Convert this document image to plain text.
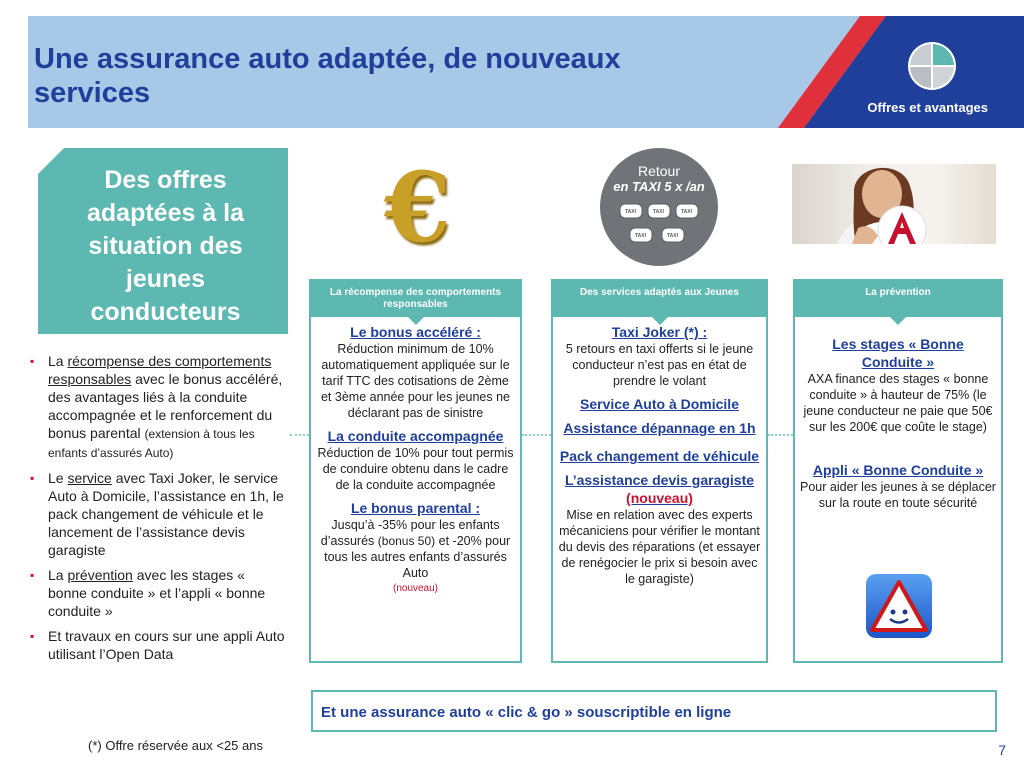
Une assurance auto adaptée, de nouveaux
services	Offres et avantages
Des offres
adaptées à la
situation des
jeunes
conducteurs
▪ La récompense des comportements responsables avec le bonus accéléré, des avantages liés à la conduite accompagnée et le renforcement du bonus parental (extension à tous les enfants d’assurés Auto)
▪ Le service avec Taxi Joker, le service Auto à Domicile, l’assistance en 1h, le pack changement de véhicule et le lancement de l’assistance devis garagiste
▪ La prévention avec les stages « bonne conduite » et l’appli « bonne conduite »
▪ Et travaux en cours sur une appli Auto utilisant l’Open Data
(*) Offre réservée aux <25 ans
€	Retour
en TAXI 5 x /an
TAXI	TAXI	TAXI
TAXI	TAXI
La récompense des comportements responsables
Le bonus accéléré :
Réduction minimum de 10% automatiquement appliquée sur le tarif TTC des cotisations de 2ème et 3ème année pour les jeunes ne déclarant pas de sinistre
La conduite accompagnée
Réduction de 10% pour tout permis de conduire obtenu dans le cadre de la conduite accompagnée
Le bonus parental :
Jusqu’à -35% pour les enfants d’assurés (bonus 50) et -20% pour tous les autres enfants d’assurés Auto
(nouveau)
Des services adaptés aux Jeunes
Taxi Joker (*) :
5 retours en taxi offerts si le jeune conducteur n’est pas en état de prendre le volant
Service Auto à Domicile
Assistance dépannage en 1h
Pack changement de véhicule
L’assistance devis garagiste (nouveau)
Mise en relation avec des experts mécaniciens pour vérifier le montant du devis des réparations (et essayer de renégocier le prix si besoin avec le garagiste)
La prévention
Les stages « Bonne Conduite »
AXA finance des stages « bonne conduite » à hauteur de 75% (le jeune conducteur ne paie que 50€ sur les 200€ que coûte le stage)
Appli « Bonne Conduite »
Pour aider les jeunes à se déplacer sur la route en toute sécurité
Et une assurance auto « clic & go » souscriptible en ligne
7
